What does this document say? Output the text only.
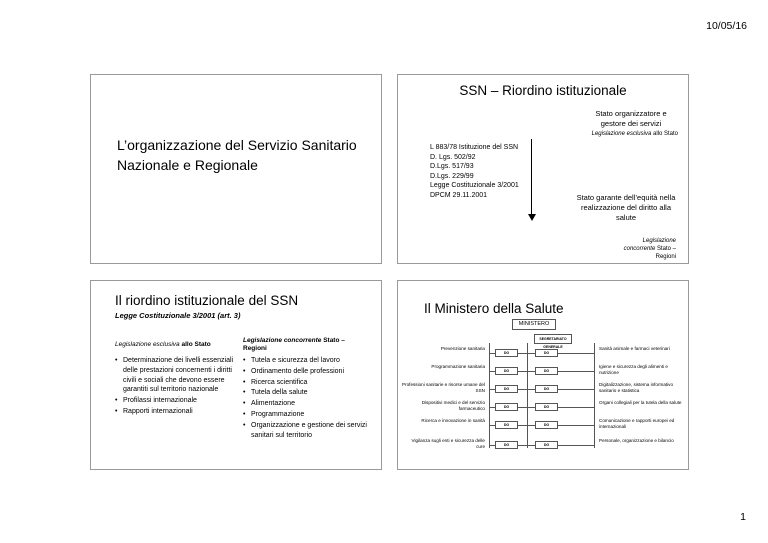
10/05/16
L’organizzazione del Servizio Sanitario Nazionale e Regionale
SSN – Riordino istituzionale
Stato organizzatore e gestore dei servizi
Legislazione esclusiva allo Stato
L 883/78 Istituzione del SSN
D. Lgs. 502/92
D.Lgs. 517/93
D.Lgs. 229/99
Legge Costituzionale 3/2001
DPCM 29.11.2001	Stato garante dell’equità nella realizzazione del diritto alla salute
Legislazione concorrente Stato – Regioni
Il riordino istituzionale del SSN
Legge Costituzionale 3/2001 (art. 3)
Legislazione esclusiva allo Stato
Legislazione concorrente Stato – Regioni
• Determinazione dei livelli essenziali delle prestazioni concernenti i diritti civili e sociali che devono essere garantiti sul territorio nazionale
• Profilassi internazionale
• Rapporti internazionali
• Tutela e sicurezza del lavoro
• Ordinamento delle professioni
• Ricerca scientifica
• Tutela della salute
• Alimentazione
• Programmazione
• Organizzazione e gestione dei servizi sanitari sul territorio
Il Ministero della Salute
MINISTERO
SEGRETARIATO GENERALE
Prevenzione sanitaria
DG	DG
Sanità animale e farmaci veterinari
Programmazione sanitaria
DG	DG
Igiene e sicurezza degli alimenti e nutrizione
Professioni sanitarie e risorse umane del SSN	DG	DG
Digitalizzazione, sistema informativo sanitario e statistica
Dispositivi medici e del servizio farmaceutico	DG	DG
Organi collegiali per la tutela della salute
Ricerca e innovazione in sanità
DG	DG
Comunicazione e rapporti europei ed internazionali
Vigilanza sugli enti e sicurezza delle cure	DG	DG
Personale, organizzazione e bilancio
1
